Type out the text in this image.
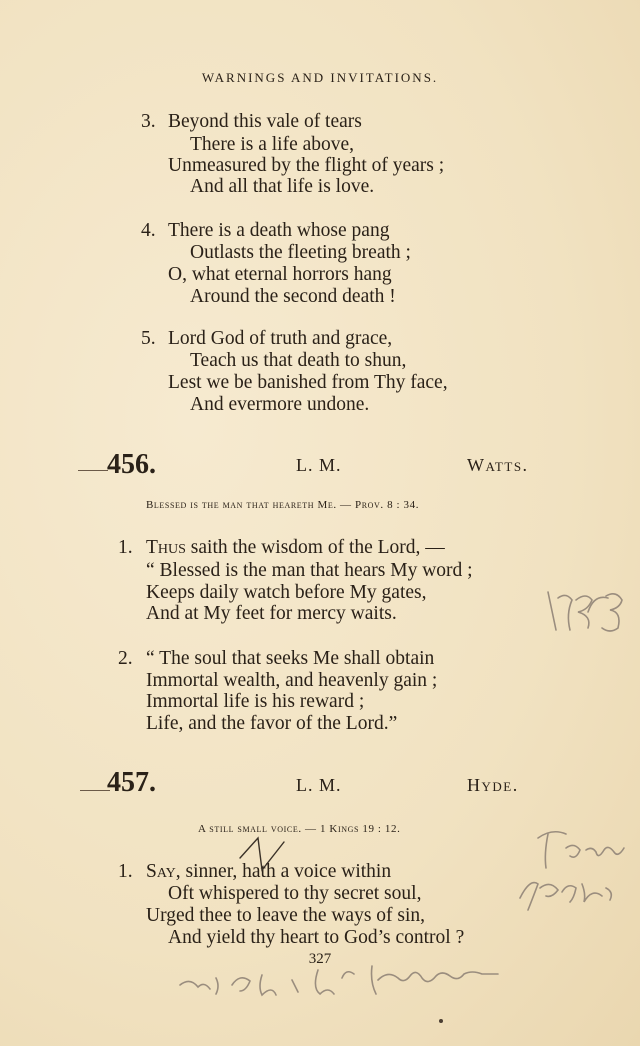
WARNINGS AND INVITATIONS.
3. Beyond this vale of tears
There is a life above,
Unmeasured by the flight of years ;
And all that life is love.
4. There is a death whose pang
Outlasts the fleeting breath ;
O, what eternal horrors hang
Around the second death !
5. Lord God of truth and grace,
Teach us that death to shun,
Lest we be banished from Thy face,
And evermore undone.
456.	L. M.	Watts.
Blessed is the man that heareth Me. — Prov. 8 : 34.
1. Thus saith the wisdom of the Lord, —
“ Blessed is the man that hears My word ;
Keeps daily watch before My gates,
And at My feet for mercy waits.
2. “ The soul that seeks Me shall obtain
Immortal wealth, and heavenly gain ;
Immortal life is his reward ;
Life, and the favor of the Lord.”
457.	L. M.	Hyde.
A still small voice. — 1 Kings 19 : 12.
1. Say, sinner, hath a voice within
Oft whispered to thy secret soul,
Urged thee to leave the ways of sin,
And yield thy heart to God’s control ?
327
